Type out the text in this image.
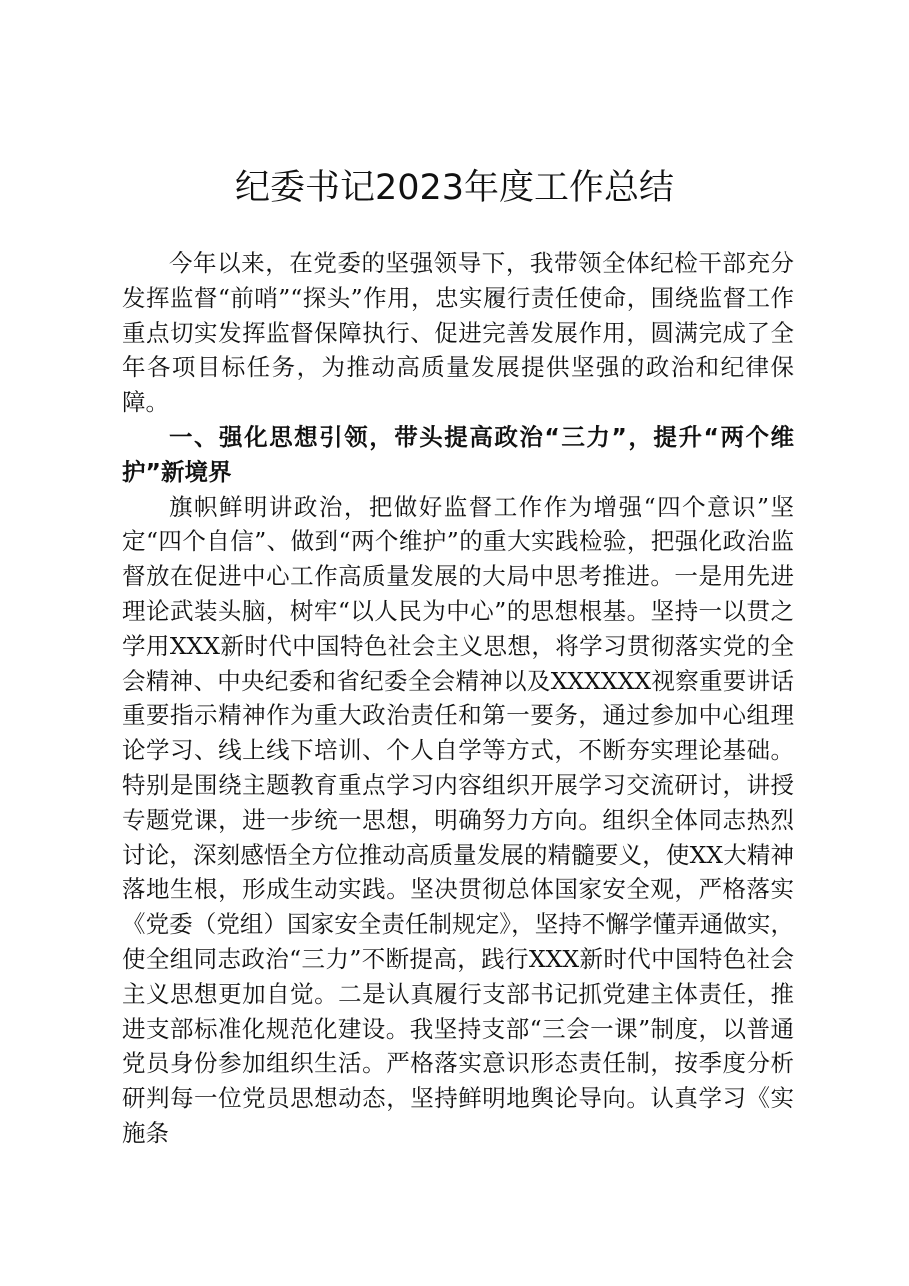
纪委书记2023年度工作总结

今年以来，在党委的坚强领导下，我带领全体纪检干部充分发挥监督“前哨”“探头”作用，忠实履行责任使命，围绕监督工作重点切实发挥监督保障执行、促进完善发展作用，圆满完成了全年各项目标任务，为推动高质量发展提供坚强的政治和纪律保障。

一、强化思想引领，带头提高政治“三力”，提升“两个维护”新境界

旗帜鲜明讲政治，把做好监督工作作为增强“四个意识”坚定“四个自信”、做到“两个维护”的重大实践检验，把强化政治监督放在促进中心工作高质量发展的大局中思考推进。一是用先进理论武装头脑，树牢“以人民为中心”的思想根基。坚持一以贯之学用XXX新时代中国特色社会主义思想，将学习贯彻落实党的全会精神、中央纪委和省纪委全会精神以及XXXXXX视察重要讲话重要指示精神作为重大政治责任和第一要务，通过参加中心组理论学习、线上线下培训、个人自学等方式，不断夯实理论基础。特别是围绕主题教育重点学习内容组织开展学习交流研讨，讲授专题党课，进一步统一思想，明确努力方向。组织全体同志热烈讨论，深刻感悟全方位推动高质量发展的精髓要义，使XX大精神落地生根，形成生动实践。坚决贯彻总体国家安全观，严格落实《党委（党组）国家安全责任制规定》，坚持不懈学懂弄通做实，使全组同志政治“三力”不断提高，践行XXX新时代中国特色社会主义思想更加自觉。二是认真履行支部书记抓党建主体责任，推进支部标准化规范化建设。我坚持支部“三会一课”制度，以普通党员身份参加组织生活。严格落实意识形态责任制，按季度分析研判每一位党员思想动态，坚持鲜明地舆论导向。认真学习《实施条
